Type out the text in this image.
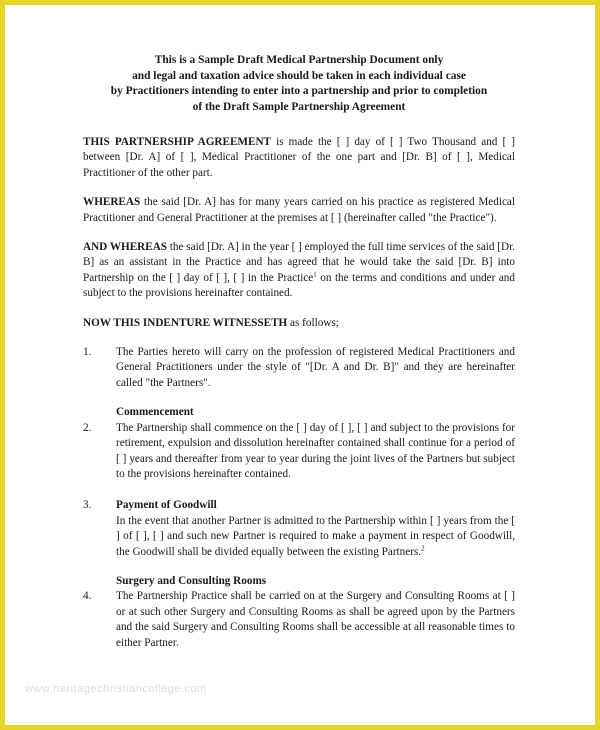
This is a Sample Draft Medical Partnership Document only
and legal and taxation advice should be taken in each individual case
by Practitioners intending to enter into a partnership and prior to completion
of the Draft Sample Partnership Agreement

THIS PARTNERSHIP AGREEMENT is made the [ ] day of [ ] Two Thousand and [ ] between [Dr. A] of [ ], Medical Practitioner of the one part and [Dr. B] of [ ], Medical Practitioner of the other part.

WHEREAS the said [Dr. A] has for many years carried on his practice as registered Medical Practitioner and General Practitioner at the premises at [ ] (hereinafter called "the Practice").

AND WHEREAS the said [Dr. A] in the year [ ] employed the full time services of the said [Dr. B] as an assistant in the Practice and has agreed that he would take the said [Dr. B] into Partnership on the [ ] day of [ ], [ ] in the Practice$^1$ on the terms and conditions and under and subject to the provisions hereinafter contained.

NOW THIS INDENTURE WITNESSETH as follows;

1. The Parties hereto will carry on the profession of registered Medical Practitioners and General Practitioners under the style of "[Dr. A and Dr. B]" and they are hereinafter called "the Partners".
Commencement
2. The Partnership shall commence on the [ ] day of [ ], [ ] and subject to the provisions for retirement, expulsion and dissolution hereinafter contained shall continue for a period of [ ] years and thereafter from year to year during the joint lives of the Partners but subject to the provisions hereinafter contained.
3. Payment of Goodwill
In the event that another Partner is admitted to the Partnership within [ ] years from the [ ] of [ ], [ ] and such new Partner is required to make a payment in respect of Goodwill, the Goodwill shall be divided equally between the existing Partners.$^2$
Surgery and Consulting Rooms
4. The Partnership Practice shall be carried on at the Surgery and Consulting Rooms at [ ] or at such other Surgery and Consulting Rooms as shall be agreed upon by the Partners and the said Surgery and Consulting Rooms shall be accessible at all reasonable times to either Partner.
www.heritagechristiancollege.com
